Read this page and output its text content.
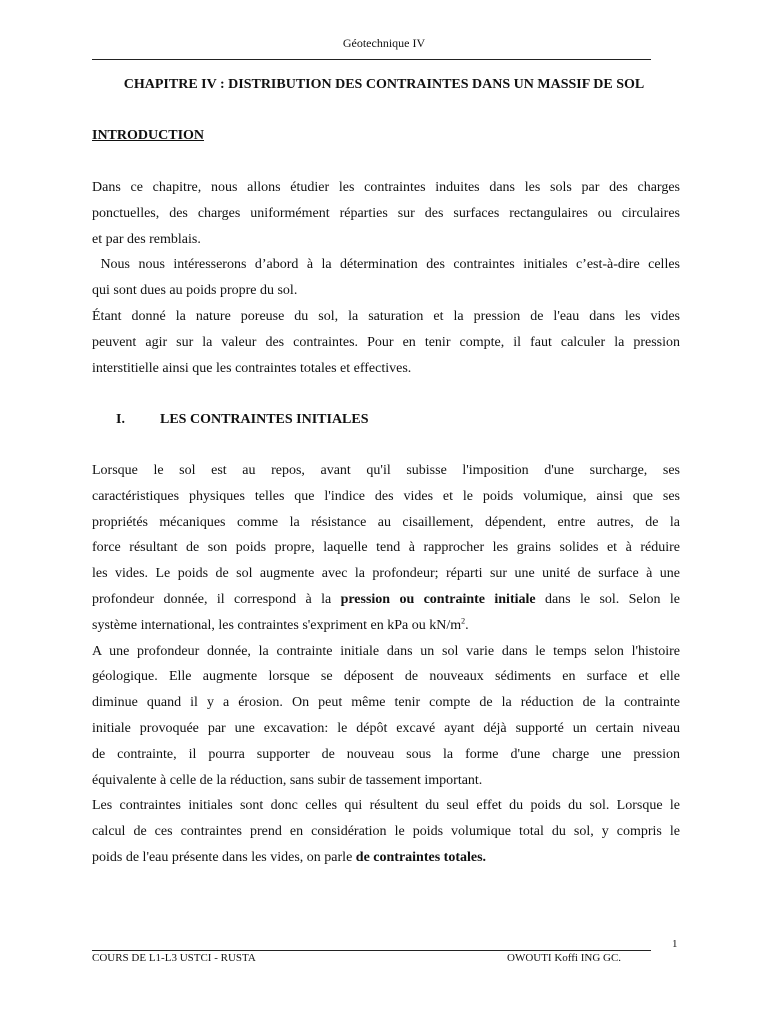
Géotechnique IV
CHAPITRE IV : DISTRIBUTION DES CONTRAINTES DANS UN MASSIF DE SOL
INTRODUCTION
Dans ce chapitre, nous allons étudier les contraintes induites dans les sols par des charges
ponctuelles, des charges uniformément réparties sur des surfaces rectangulaires ou circulaires
et par des remblais.
Nous nous intéresserons d’abord à la détermination des contraintes initiales c’est-à-dire celles
qui sont dues au poids propre du sol.
Étant donné la nature poreuse du sol, la saturation et la pression de l'eau dans les vides
peuvent agir sur la valeur des contraintes. Pour en tenir compte, il faut calculer la pression
interstitielle ainsi que les contraintes totales et effectives.
I.	LES CONTRAINTES INITIALES
Lorsque le sol est au repos, avant qu'il subisse l'imposition d'une surcharge, ses
caractéristiques physiques telles que l'indice des vides et le poids volumique, ainsi que ses
propriétés mécaniques comme la résistance au cisaillement, dépendent, entre autres, de la
force résultant de son poids propre, laquelle tend à rapprocher les grains solides et à réduire
les vides. Le poids de sol augmente avec la profondeur; réparti sur une unité de surface à une
profondeur donnée, il correspond à la pression ou contrainte initiale dans le sol. Selon le
système international, les contraintes s'expriment en kPa ou $kN/m^2$.
A une profondeur donnée, la contrainte initiale dans un sol varie dans le temps selon l'histoire
géologique. Elle augmente lorsque se déposent de nouveaux sédiments en surface et elle
diminue quand il y a érosion. On peut même tenir compte de la réduction de la contrainte
initiale provoquée par une excavation: le dépôt excavé ayant déjà supporté un certain niveau
de contrainte, il pourra supporter de nouveau sous la forme d'une charge une pression
équivalente à celle de la réduction, sans subir de tassement important.
Les contraintes initiales sont donc celles qui résultent du seul effet du poids du sol. Lorsque le
calcul de ces contraintes prend en considération le poids volumique total du sol, y compris le
poids de l'eau présente dans les vides, on parle de contraintes totales.
1
COURS DE L1-L3 USTCI - RUSTA	OWOUTI Koffi ING GC.
